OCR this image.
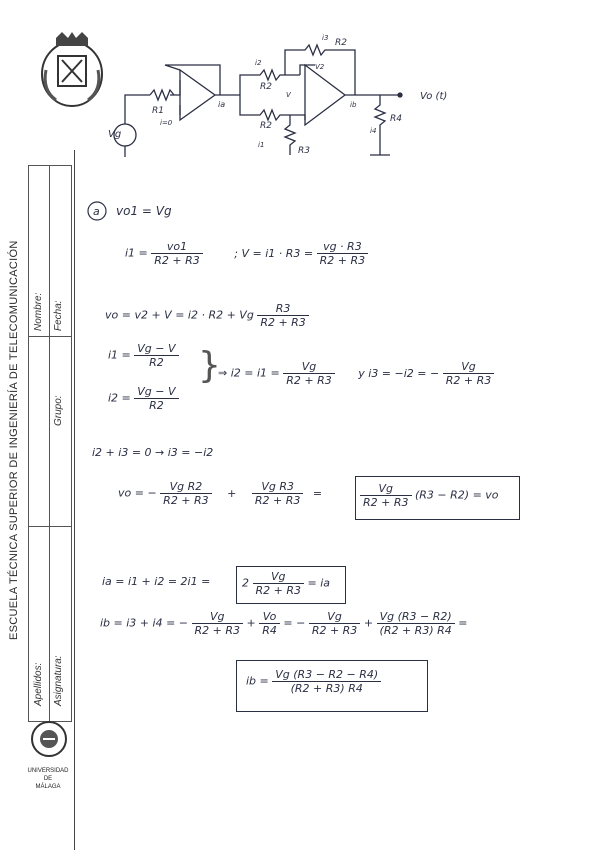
ESCUELA TÉCNICA SUPERIOR DE INGENIERÍA DE TELECOMUNICACIÓN
Apellidos: Asignatura:
Nombre:
Grupo:
Fecha:
UNIVERSIDAD
DE
MÁLAGA
Vg
R1
i=0
ia
R2
R2
R2
R3
R4
Vo (t)
i2
i4
i3
ib
i1
V
V2
a vo1 = Vg
$i1 = \frac{vo1}{R2 + R3}$	; $V = i1 \cdot R3 = \frac{vg \cdot R3}{R2 + R3}$
vo = v2 + V = i2 · R2 + Vg $\frac{R3}{R2 + R3}$
$i1 = \frac{Vg - V}{R2}$
$i2 = \frac{Vg - V}{R2}$
}
⇒ $i2 = i1 = \frac{Vg}{R2 + R3}$ y i3 = −i2 = − $\frac{Vg}{R2 + R3}$
i2 + i3 = 0 → i3 = −i2
vo = − $\frac{\text{Vg R2}}{R2 + R3} + \frac{\text{Vg R3}}{R2 + R3}$ =	$\frac{Vg}{R2 + R3} (R3 - R2)$ = vo
ia = i1 + i2 = 2i1 =	$2 \frac{Vg}{R2 + R3}$ = ia
ib = i3 + i4 = − $\frac{Vg}{R2 + R3} + \frac{Vo}{R4}$ = − $\frac{Vg}{R2 + R3} + \frac{Vg (R3 - R2)}{(R2 + R3) R4}$ =
ib = $\frac{Vg (R3 - R2 - R4)}{(R2 + R3) R4}$
